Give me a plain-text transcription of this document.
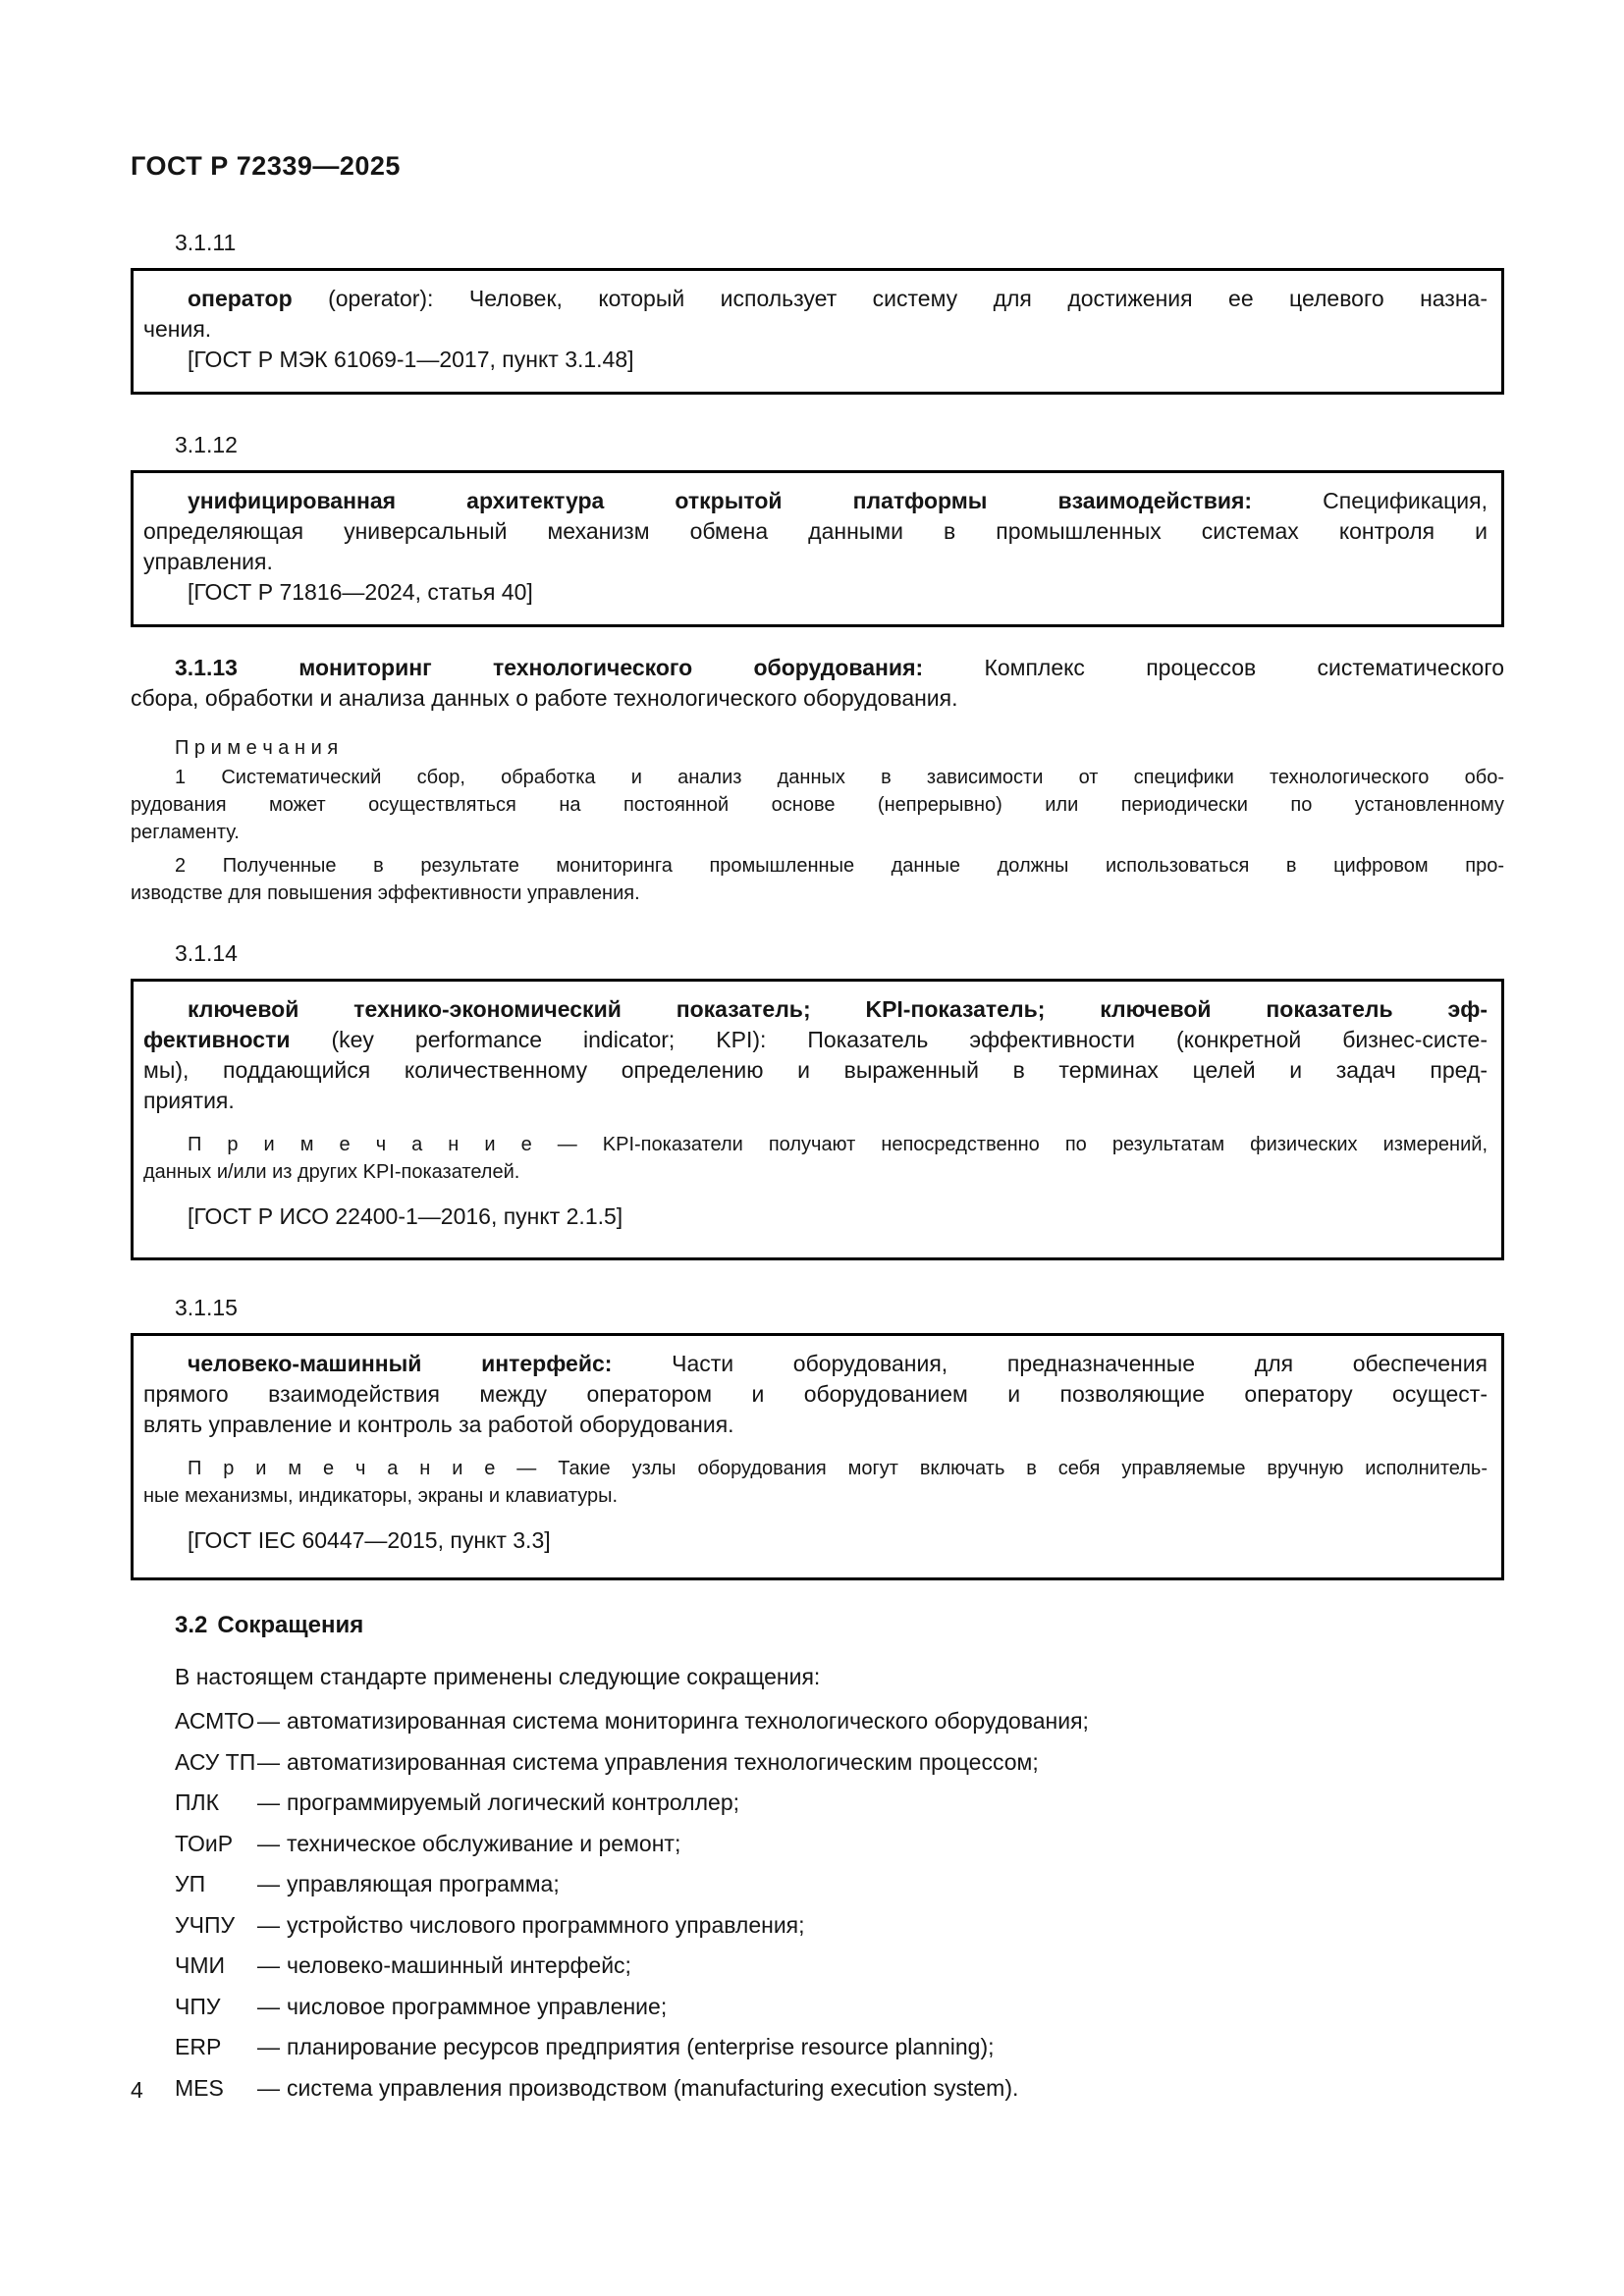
ГОСТ Р 72339—2025
3.1.11
оператор (operator): Человек, который использует систему для достижения ее целевого назна-
чения.
[ГОСТ Р МЭК 61069-1—2017, пункт 3.1.48]
3.1.12
унифицированная архитектура открытой платформы взаимодействия: Спецификация,
определяющая универсальный механизм обмена данными в промышленных системах контроля и
управления.
[ГОСТ Р 71816—2024, статья 40]
3.1.13 мониторинг технологического оборудования: Комплекс процессов систематического
сбора, обработки и анализа данных о работе технологического оборудования.
П р и м е ч а н и я
1 Систематический сбор, обработка и анализ данных в зависимости от специфики технологического обо-
рудования может осуществляться на постоянной основе (непрерывно) или периодически по установленному
регламенту.
2 Полученные в результате мониторинга промышленные данные должны использоваться в цифровом про-
изводстве для повышения эффективности управления.
3.1.14
ключевой технико-экономический показатель; KPI-показатель; ключевой показатель эф-
фективности (key performance indicator; KPI): Показатель эффективности (конкретной бизнес-систе-
мы), поддающийся количественному определению и выраженный в терминах целей и задач пред-
приятия.
П р и м е ч а н и е — KPI-показатели получают непосредственно по результатам физических измерений,
данных и/или из других KPI-показателей.
[ГОСТ Р ИСО 22400-1—2016, пункт 2.1.5]
3.1.15
человеко-машинный интерфейс: Части оборудования, предназначенные для обеспечения
прямого взаимодействия между оператором и оборудованием и позволяющие оператору осущест-
влять управление и контроль за работой оборудования.
П р и м е ч а н и е — Такие узлы оборудования могут включать в себя управляемые вручную исполнитель-
ные механизмы, индикаторы, экраны и клавиатуры.
[ГОСТ IEC 60447—2015, пункт 3.3]
3.2 Сокращения
В настоящем стандарте применены следующие сокращения:
АСМТО — автоматизированная система мониторинга технологического оборудования;
АСУ ТП — автоматизированная система управления технологическим процессом;
ПЛК	— программируемый логический контроллер;
ТОиР	— техническое обслуживание и ремонт;
УП	— управляющая программа;
УЧПУ — устройство числового программного управления;
ЧМИ	— человеко-машинный интерфейс;
ЧПУ	— числовое программное управление;
ERP	— планирование ресурсов предприятия (enterprise resource planning);
MES	— система управления производством (manufacturing execution system).
4
